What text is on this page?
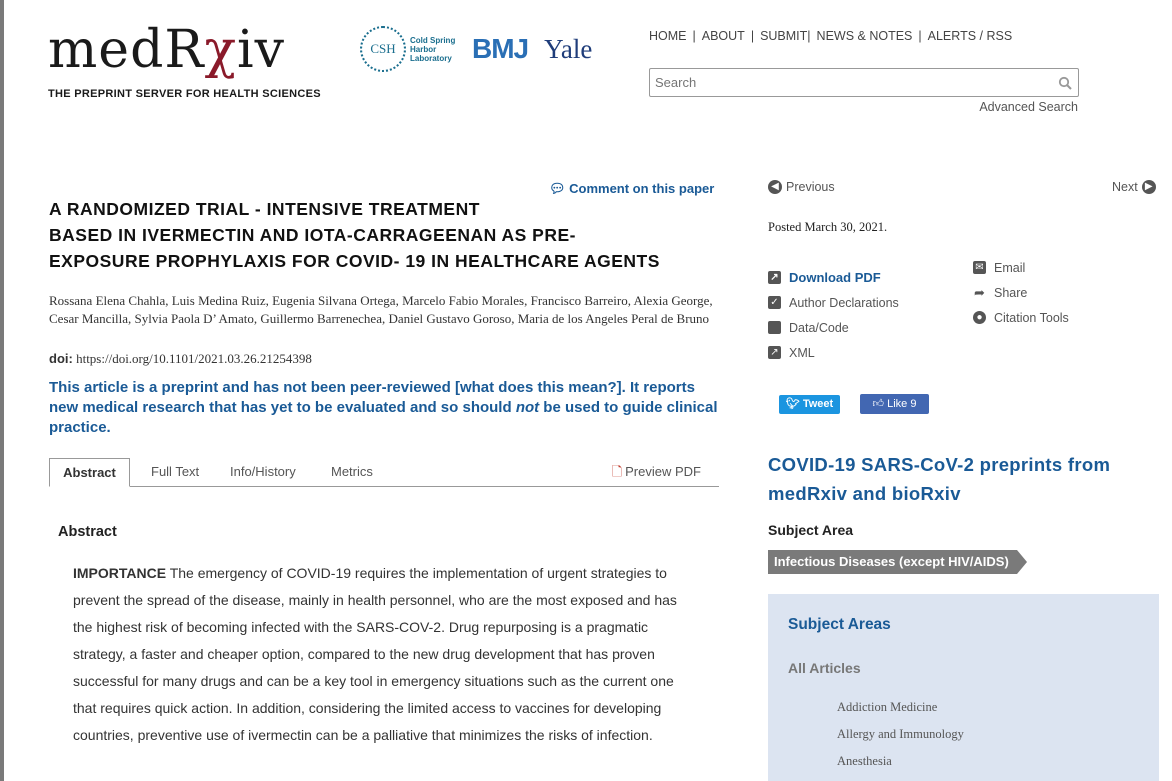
medRχiv
THE PREPRINT SERVER FOR HEALTH SCIENCES
CSH
Cold Spring Harbor Laboratory BMJ Yale	HOME | ABOUT | SUBMIT | NEWS & NOTES | ALERTS / RSS
Search
Advanced Search
💬︎ Comment on this paper
A RANDOMIZED TRIAL - INTENSIVE TREATMENT
BASED IN IVERMECTIN AND IOTA-CARRAGEENAN AS PRE-
EXPOSURE PROPHYLAXIS FOR COVID- 19 IN HEALTHCARE AGENTS
Rossana Elena Chahla, Luis Medina Ruiz, Eugenia Silvana Ortega, Marcelo Fabio Morales, Francisco Barreiro, Alexia George, Cesar Mancilla, Sylvia Paola D’ Amato, Guillermo Barrenechea, Daniel Gustavo Goroso, Maria de los Angeles Peral de Bruno
doi: https://doi.org/10.1101/2021.03.26.21254398
This article is a preprint and has not been peer-reviewed [what does this mean?]. It reports new medical research that has yet to be evaluated and so should not be used to guide clinical practice.
Abstract	Full Text Info/History	Metrics	🗋︎ Preview PDF
Abstract
IMPORTANCE The emergency of COVID-19 requires the implementation of urgent strategies to prevent the spread of the disease, mainly in health personnel, who are the most exposed and has the highest risk of becoming infected with the SARS-COV-2. Drug repurposing is a pragmatic strategy, a faster and cheaper option, compared to the new drug development that has proven successful for many drugs and can be a key tool in emergency situations such as the current one that requires quick action. In addition, considering the limited access to vaccines for developing countries, preventive use of ivermectin can be a palliative that minimizes the risks of infection.
◀ Previous	Next ▶
Posted March 30, 2021.
↗ Download PDF
✓ Author Declarations
Data/Code
↗ XML
✉ Email
➦ Share
● Citation Tools
🐦︎ Tweet	👍︎ Like 9
COVID-19 SARS-CoV-2 preprints from medRxiv and bioRxiv
Subject Area
Infectious Diseases (except HIV/AIDS)
Subject Areas
All Articles
Addiction Medicine
Allergy and Immunology
Anesthesia
